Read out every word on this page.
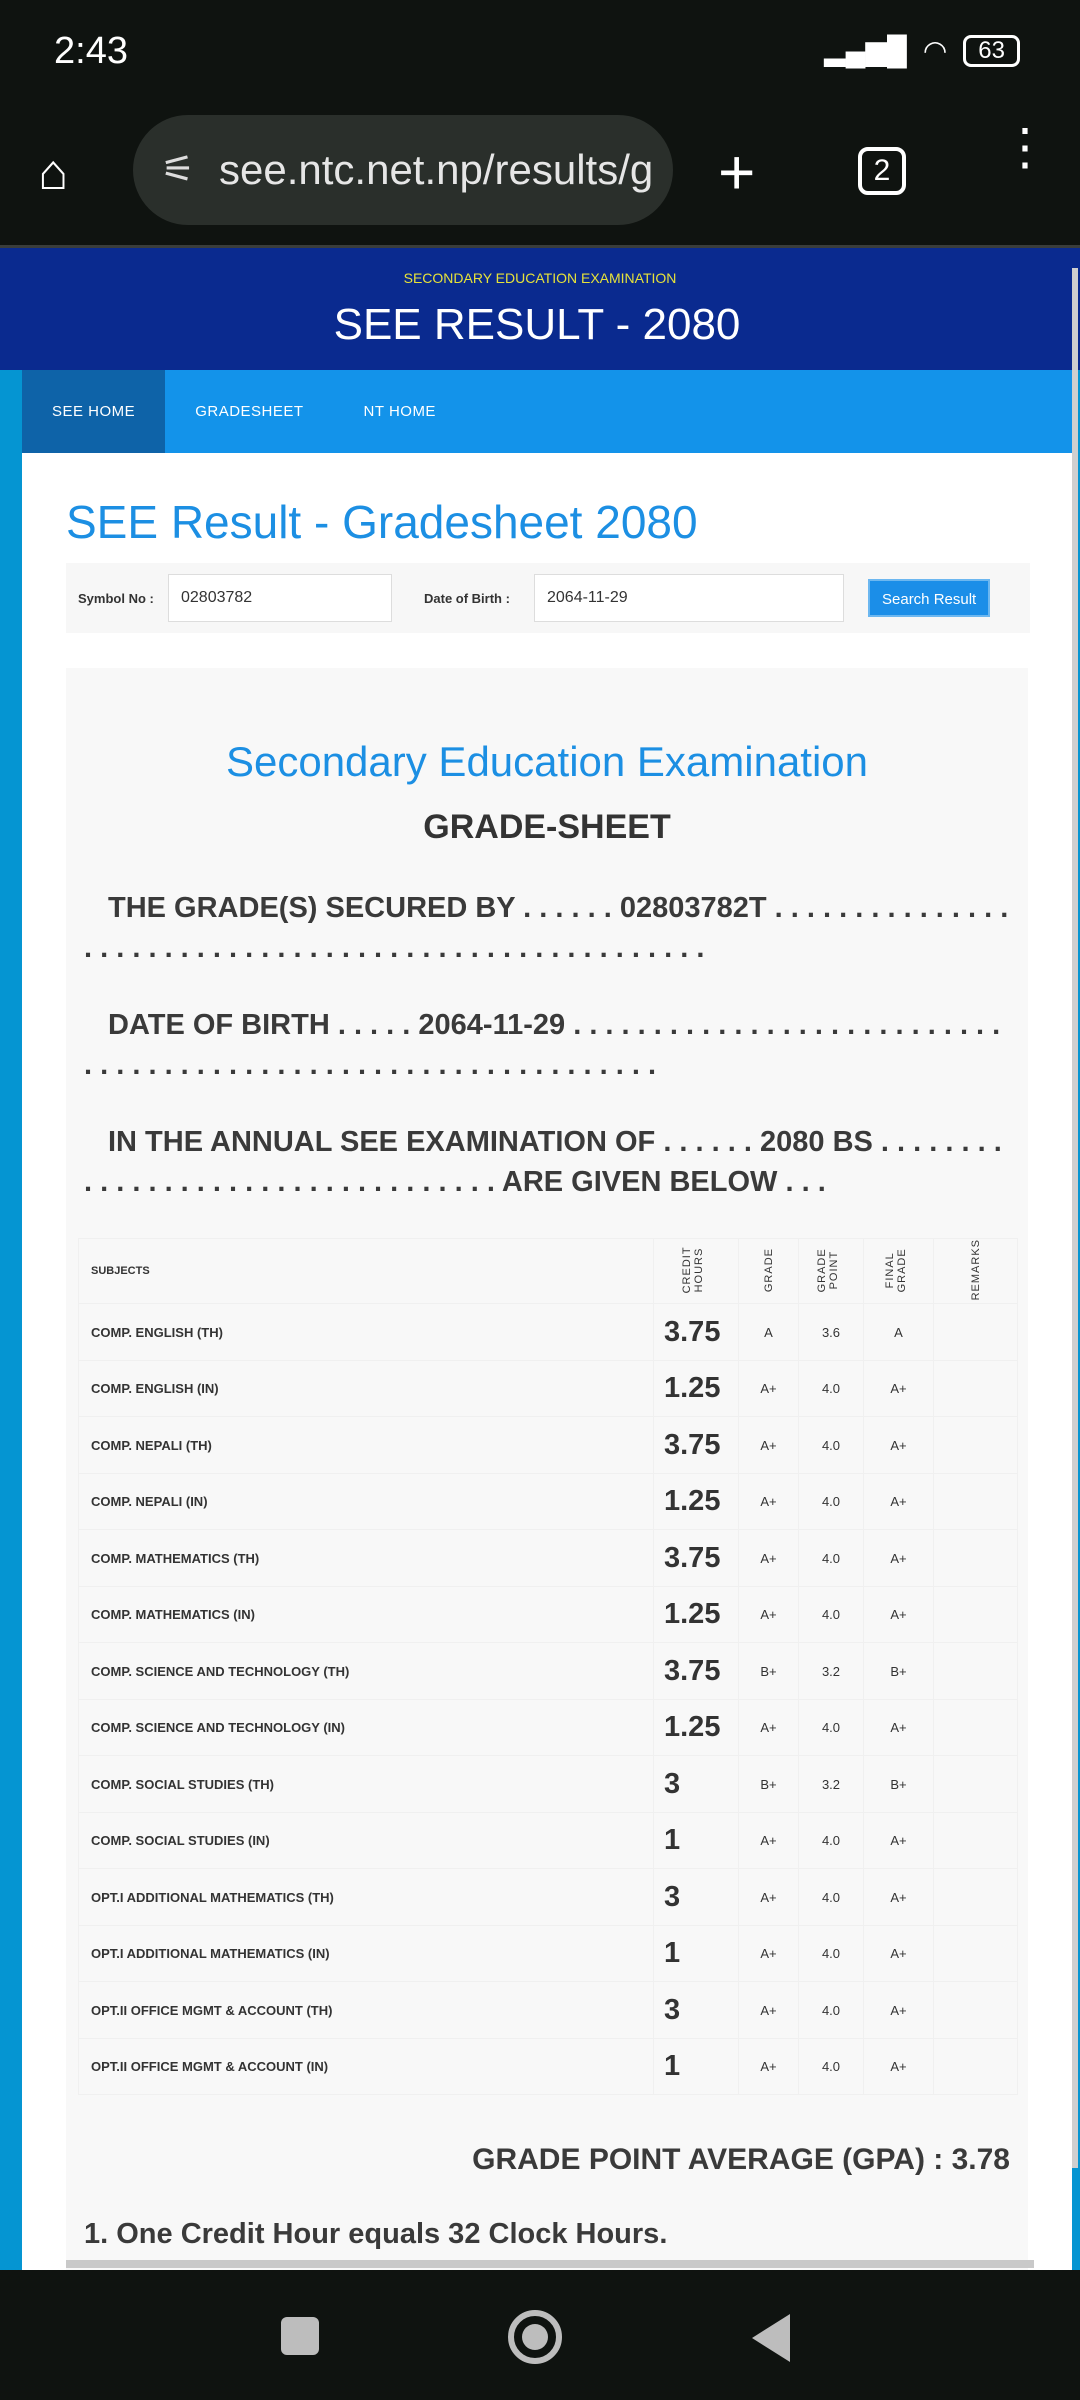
2:43	▂▄▆█ ◠	63
⌂	⚟ see.ntc.net.np/results/g	+	2	⋮
SECONDARY EDUCATION EXAMINATION
SEE RESULT - 2080
SEE HOME	GRADESHEET	NT HOME
SEE Result - Gradesheet 2080
Symbol No :	02803782	Date of Birth :	2064-11-29	Search Result
Secondary Education Examination
GRADE-SHEET
THE GRADE(S) SECURED BY . . . . . . 02803782T . . . . . . . . . . . . . . . . . . . . . . . . . . . . . . . . . . . . . . . . . . . . . . . . . . . . . .
DATE OF BIRTH . . . . . 2064-11-29 . . . . . . . . . . . . . . . . . . . . . . . . . . . . . . . . . . . . . . . . . . . . . . . . . . . . . . . . . . . . . . .
IN THE ANNUAL SEE EXAMINATION OF . . . . . . 2080 BS . . . . . . . . . . . . . . . . . . . . . . . . . . . . . . . . . . ARE GIVEN BELOW . . .
SUBJECTS	CREDIT HOURS	GRADE	GRADE POINT	FINAL GRADE	REMARKS
COMP. ENGLISH (TH)	3.75	A	3.6	A	
COMP. ENGLISH (IN)	1.25	A+	4.0	A+	
COMP. NEPALI (TH)	3.75	A+	4.0	A+	
COMP. NEPALI (IN)	1.25	A+	4.0	A+	
COMP. MATHEMATICS (TH)	3.75	A+	4.0	A+	
COMP. MATHEMATICS (IN)	1.25	A+	4.0	A+	
COMP. SCIENCE AND TECHNOLOGY (TH)	3.75	B+	3.2	B+	
COMP. SCIENCE AND TECHNOLOGY (IN)	1.25	A+	4.0	A+	
COMP. SOCIAL STUDIES (TH)	3	B+	3.2	B+	
COMP. SOCIAL STUDIES (IN)	1	A+	4.0	A+	
OPT.I ADDITIONAL MATHEMATICS (TH)	3	A+	4.0	A+	
OPT.I ADDITIONAL MATHEMATICS (IN)	1	A+	4.0	A+	
OPT.II OFFICE MGMT & ACCOUNT (TH)	3	A+	4.0	A+	
OPT.II OFFICE MGMT & ACCOUNT (IN)	1	A+	4.0	A+	
GRADE POINT AVERAGE (GPA) : 3.78
1. One Credit Hour equals 32 Clock Hours.
